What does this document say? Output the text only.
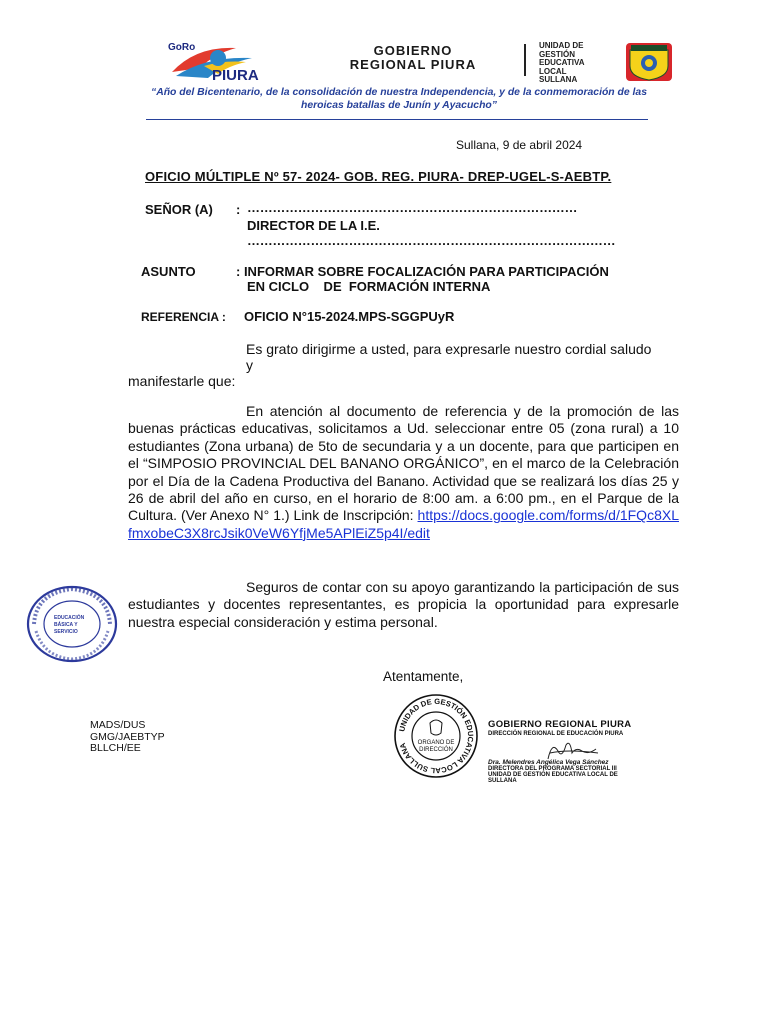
GoRo
PIURA
GOBIERNO
REGIONAL PIURA
UNIDAD DE
GESTIÓN
EDUCATIVA
LOCAL
SULLANA
“Año del Bicentenario, de la consolidación de nuestra Independencia, y de la conmemoración de las heroicas batallas de Junín y Ayacucho”
Sullana, 9 de abril 2024
OFICIO MÚLTIPLE Nº 57- 2024- GOB. REG. PIURA- DREP-UGEL-S-AEBTP.
SEÑOR (A) : ……………………………………………………………………
DIRECTOR DE LA I.E.
……………………………………………………………………………
ASUNTO	: INFORMAR SOBRE FOCALIZACIÓN PARA PARTICIPACIÓN
EN CICLO    DE  FORMACIÓN INTERNA
REFERENCIA : OFICIO N°15-2024.MPS-SGGPUyR
Es grato dirigirme a usted, para expresarle nuestro cordial saludo
y
manifestarle que:
En atención al documento de referencia y de la promoción de las buenas prácticas educativas, solicitamos a Ud. seleccionar entre 05 (zona rural) a 10 estudiantes (Zona urbana) de 5to de secundaria y a un docente, para que participen en el “SIMPOSIO PROVINCIAL DEL BANANO ORGÁNICO”, en el marco de la Celebración por el Día de la Cadena Productiva del Banano. Actividad que se realizará los días 25 y 26 de abril del año en curso, en el horario de 8:00 am. a 6:00 pm., en el Parque de la Cultura. (Ver Anexo N° 1.) Link de Inscripción: https://docs.google.com/forms/d/1FQc8XLfmxobeC3X8rcJsik0VeW6YfjMe5APlEiZ5p4I/edit
Seguros de contar con su apoyo garantizando la participación de sus estudiantes y docentes representantes, es propicia la oportunidad para expresarle nuestra especial consideración y estima personal.
EDUCACIÓN
BÁSICA Y
SERVICIO
Atentamente,
MADS/DUS
GMG/JAEBTYP
BLLCH/EE
UNIDAD DE GESTIÓN EDUCATIVA LOCAL SULLANA	ORGANO DE
DIRECCIÓN
GOBIERNO REGIONAL PIURA
DIRECCIÓN REGIONAL DE EDUCACIÓN PIURA
Dra. Melendres Angélica Vega Sánchez
DIRECTORA DEL PROGRAMA SECTORIAL III
UNIDAD DE GESTIÓN EDUCATIVA LOCAL DE SULLANA
